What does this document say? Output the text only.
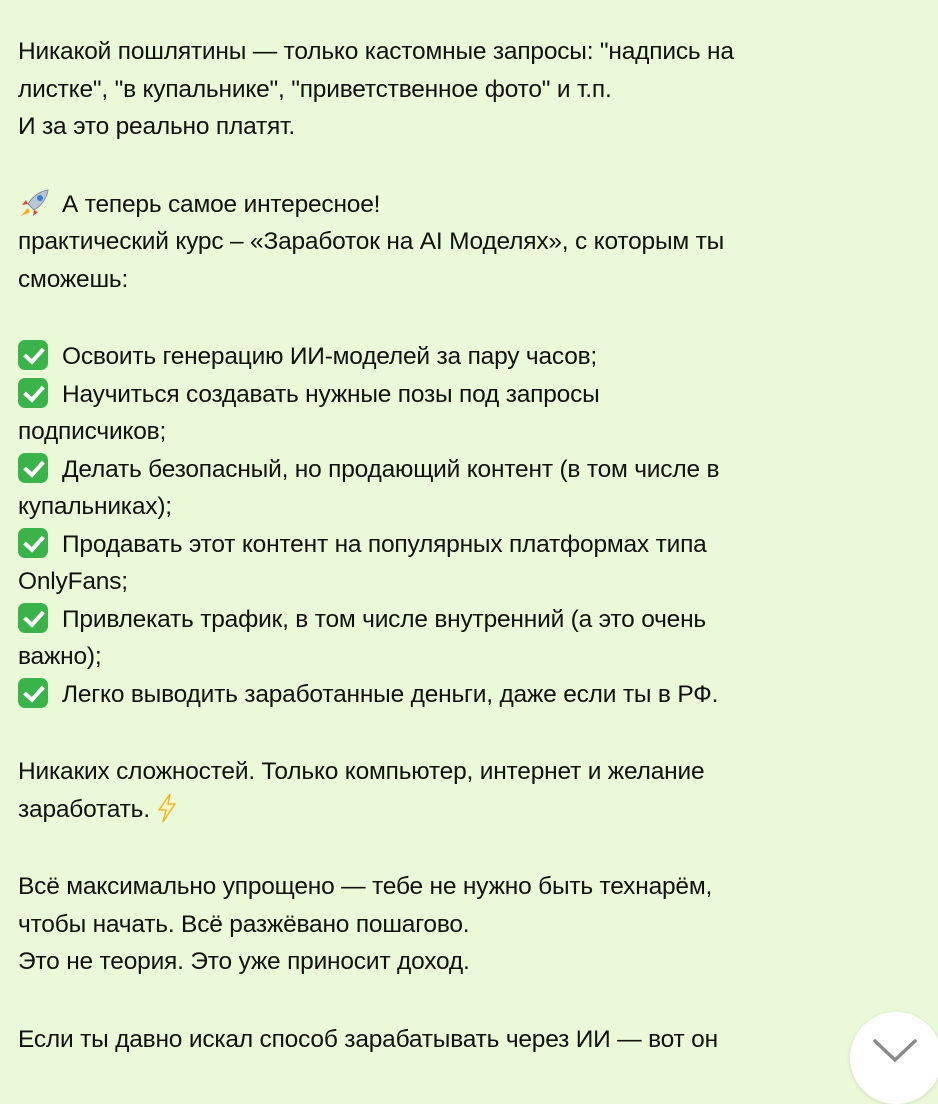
Никакой пошлятины — только кастомные запросы: "надпись на
листке", "в купальнике", "приветственное фото" и т.п.
И за это реально платят.
А теперь самое интересное!
практический курс – «Заработок на AI Моделях», с которым ты
сможешь:
Освоить генерацию ИИ-моделей за пару часов;
Научиться создавать нужные позы под запросы
подписчиков;
Делать безопасный, но продающий контент (в том числе в
купальниках);
Продавать этот контент на популярных платформах типа
OnlyFans;
Привлекать трафик, в том числе внутренний (а это очень
важно);
Легко выводить заработанные деньги, даже если ты в РФ.
Никаких сложностей. Только компьютер, интернет и желание
заработать.
Всё максимально упрощено — тебе не нужно быть технарём,
чтобы начать. Всё разжёвано пошагово.
Это не теория. Это уже приносит доход.
Если ты давно искал способ зарабатывать через ИИ — вот он
